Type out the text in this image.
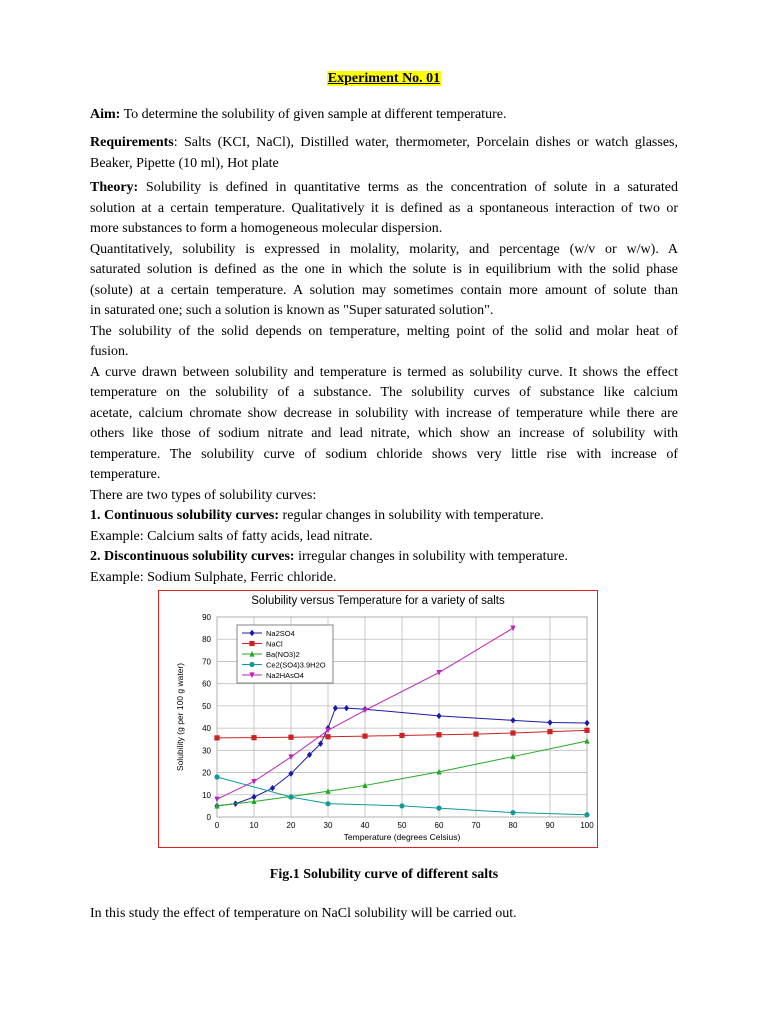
Experiment No. 01
Aim: To determine the solubility of given sample at different temperature.
Requirements: Salts (KCI, NaCl), Distilled water, thermometer, Porcelain dishes or watch glasses,
Beaker, Pipette (10 ml), Hot plate
Theory: Solubility is defined in quantitative terms as the concentration of solute in a saturated
solution at a certain temperature. Qualitatively it is defined as a spontaneous interaction of two or
more substances to form a homogeneous molecular dispersion.
Quantitatively, solubility is expressed in molality, molarity, and percentage (w/v or w/w). A
saturated solution is defined as the one in which the solute is in equilibrium with the solid phase
(solute) at a certain temperature. A solution may sometimes contain more amount of solute than
in saturated one; such a solution is known as "Super saturated solution".
The solubility of the solid depends on temperature, melting point of the solid and molar heat of
fusion.
A curve drawn between solubility and temperature is termed as solubility curve. It shows the effect
temperature on the solubility of a substance. The solubility curves of substance like calcium
acetate, calcium chromate show decrease in solubility with increase of temperature while there are
others like those of sodium nitrate and lead nitrate, which show an increase of solubility with
temperature. The solubility curve of sodium chloride shows very little rise with increase of
temperature.
There are two types of solubility curves:
1. Continuous solubility curves: regular changes in solubility with temperature.
Example: Calcium salts of fatty acids, lead nitrate.
2. Discontinuous solubility curves: irregular changes in solubility with temperature.
Example: Sodium Sulphate, Ferric chloride.
Solubility versus Temperature for a variety of salts
0	10	20	30	40	50	60	70	80	90	100
0
10
20
30
40
50
60
70
80
90
Temperature (degrees Celsius)
Solubility (g per 100 g water)
Na2SO4
NaCl
Ba(NO3)2
Ce2(SO4)3.9H2O
Na2HAsO4
Fig.1 Solubility curve of different salts
In this study the effect of temperature on NaCl solubility will be carried out.
